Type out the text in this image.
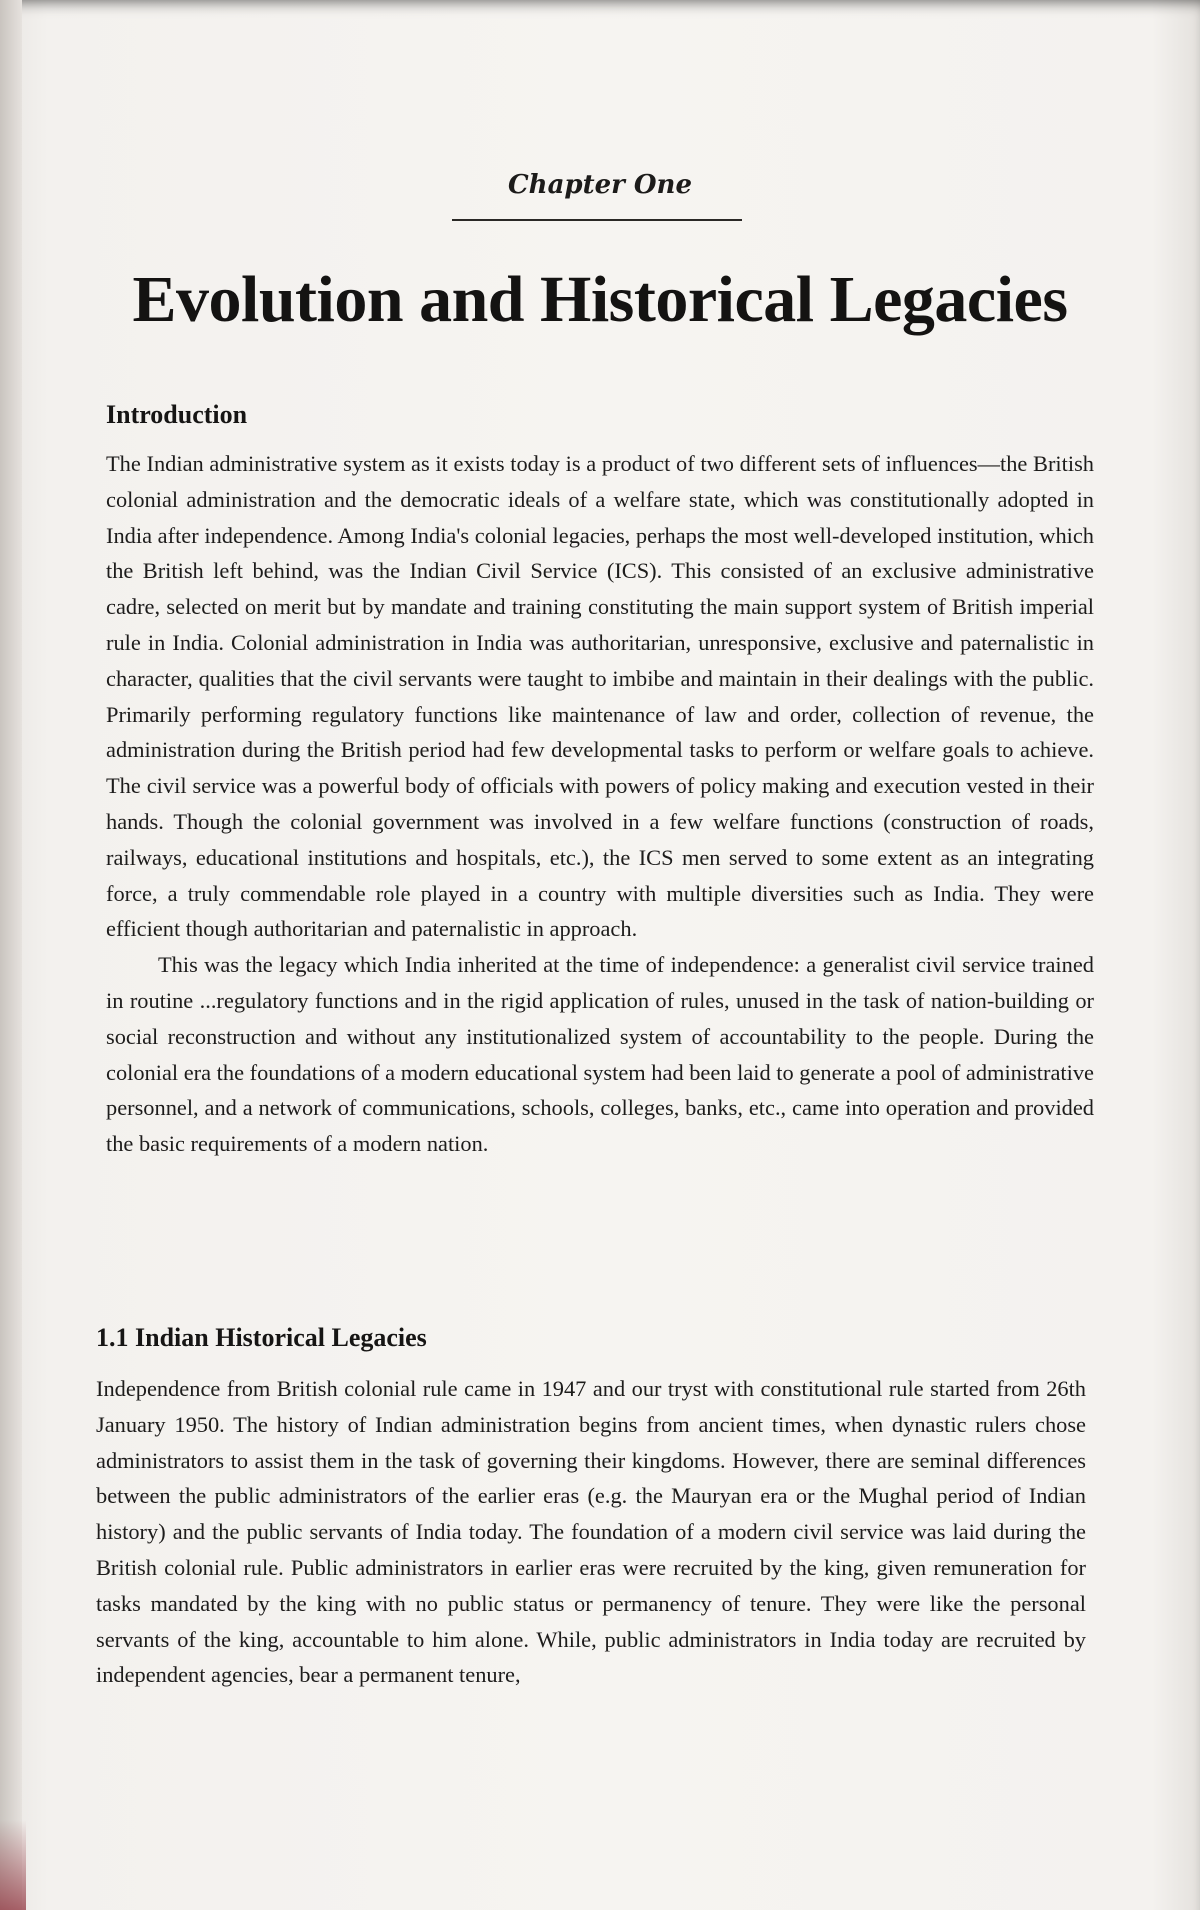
Chapter One
Evolution and Historical Legacies
Introduction

The Indian administrative system as it exists today is a product of two different sets of influences—the British colonial administration and the democratic ideals of a welfare state, which was constitutionally adopted in India after independence. Among India's colonial legacies, perhaps the most well-developed institution, which the British left behind, was the Indian Civil Service (ICS). This consisted of an exclusive administrative cadre, selected on merit but by mandate and training constituting the main support system of British imperial rule in India. Colonial administration in India was authoritarian, unresponsive, exclusive and paternalistic in character, qualities that the civil servants were taught to imbibe and maintain in their dealings with the public. Primarily performing regulatory functions like maintenance of law and order, collection of revenue, the administration during the British period had few developmental tasks to perform or welfare goals to achieve. The civil service was a powerful body of officials with powers of policy making and execution vested in their hands. Though the colonial government was involved in a few welfare functions (construction of roads, railways, educational institutions and hospitals, etc.), the ICS men served to some extent as an integrating force, a truly commendable role played in a country with multiple diversities such as India. They were efficient though authoritarian and paternalistic in approach.

This was the legacy which India inherited at the time of independence: a generalist civil service trained in routine ...regulatory functions and in the rigid application of rules, unused in the task of nation-building or social reconstruction and without any institutionalized system of accountability to the people. During the colonial era the foundations of a modern educational system had been laid to generate a pool of administrative personnel, and a network of communications, schools, colleges, banks, etc., came into operation and provided the basic requirements of a modern nation.

1.1 Indian Historical Legacies

Independence from British colonial rule came in 1947 and our tryst with constitutional rule started from 26th January 1950. The history of Indian administration begins from ancient times, when dynastic rulers chose administrators to assist them in the task of governing their kingdoms. However, there are seminal differences between the public administrators of the earlier eras (e.g. the Mauryan era or the Mughal period of Indian history) and the public servants of India today. The foundation of a modern civil service was laid during the British colonial rule. Public administrators in earlier eras were recruited by the king, given remuneration for tasks mandated by the king with no public status or permanency of tenure. They were like the personal servants of the king, accountable to him alone. While, public administrators in India today are recruited by independent agencies, bear a permanent tenure,
